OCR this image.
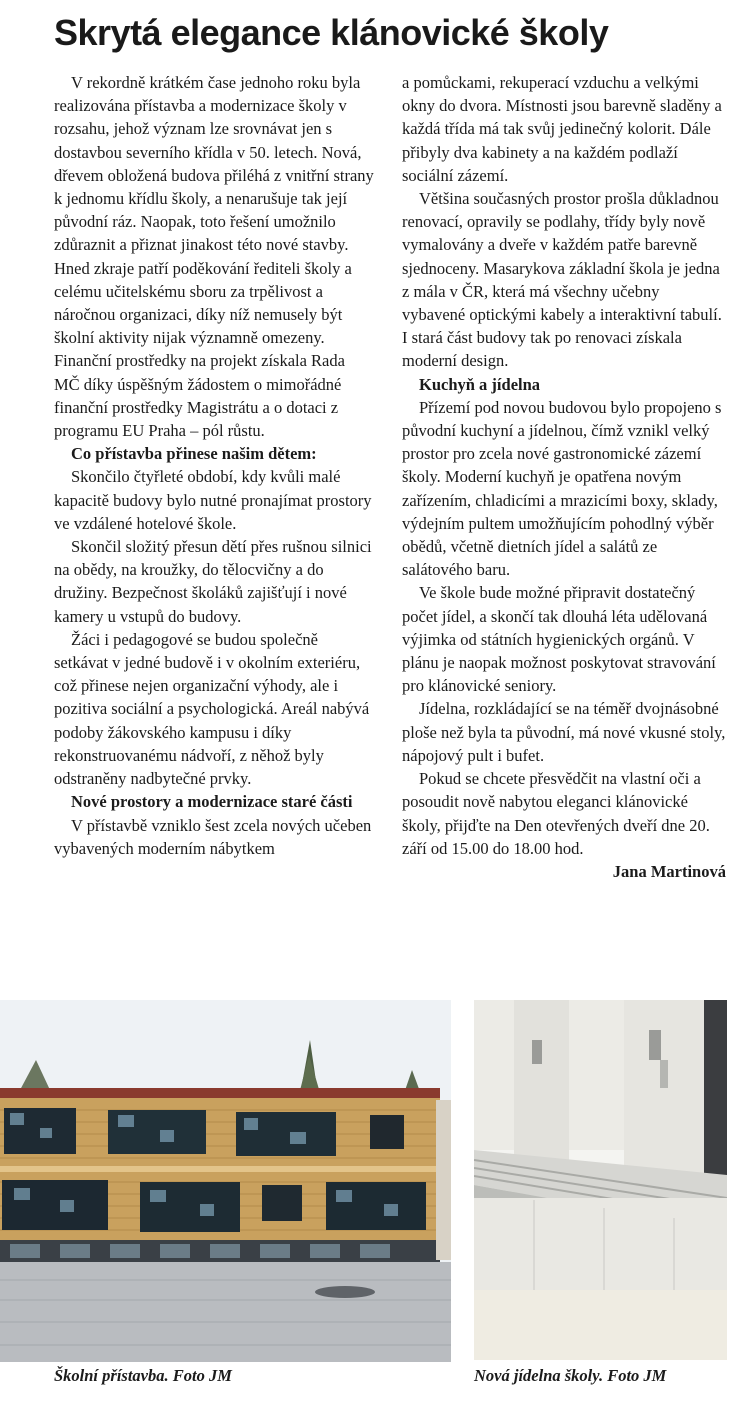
Skrytá elegance klánovické školy

V rekordně krátkém čase jednoho roku byla realizována přístavba a modernizace školy v rozsahu, jehož význam lze srovnávat jen s dostavbou severního křídla v 50. letech. Nová, dřevem obložená budova přiléhá z vnitřní strany k jednomu křídlu školy, a nenarušuje tak její původní ráz. Naopak, toto řešení umožnilo zdůraznit a přiznat jinakost této nové stavby. Hned zkraje patří poděkování řediteli školy a celému učitelskému sboru za trpělivost a náročnou organizaci, díky níž nemusely být školní aktivity nijak významně omezeny. Finanční prostředky na projekt získala Rada MČ díky úspěšným žádostem o mimořádné finanční prostředky Magistrátu a o dotaci z programu EU Praha – pól růstu.

Co přístavba přinese našim dětem:

Skončilo čtyřleté období, kdy kvůli malé kapacitě budovy bylo nutné pronajímat prostory ve vzdálené hotelové škole.

Skončil složitý přesun dětí přes rušnou silnici na obědy, na kroužky, do tělocvičny a do družiny. Bezpečnost školáků zajišťují i nové kamery u vstupů do budovy.

Žáci i pedagogové se budou společně setkávat v jedné budově i v okolním exteriéru, což přinese nejen organizační výhody, ale i pozitiva sociální a psychologická. Areál nabývá podoby žákovského kampusu i díky rekonstruovanému nádvoří, z něhož byly odstraněny nadbytečné prvky.

Nové prostory a modernizace staré části

V přístavbě vzniklo šest zcela nových učeben vybavených moderním nábytkem

a pomůckami, rekuperací vzduchu a velkými okny do dvora. Místnosti jsou barevně sladěny a každá třída má tak svůj jedinečný kolorit. Dále přibyly dva kabinety a na každém podlaží sociální zázemí.

Většina současných prostor prošla důkladnou renovací, opravily se podlahy, třídy byly nově vymalovány a dveře v každém patře barevně sjednoceny. Masarykova základní škola je jedna z mála v ČR, která má všechny učebny vybavené optickými kabely a interaktivní tabulí. I stará část budovy tak po renovaci získala moderní design.

Kuchyň a jídelna

Přízemí pod novou budovou bylo propojeno s původní kuchyní a jídelnou, čímž vznikl velký prostor pro zcela nové gastronomické zázemí školy. Moderní kuchyň je opatřena novým zařízením, chladicími a mrazicími boxy, sklady, výdejním pultem umožňujícím pohodlný výběr obědů, včetně dietních jídel a salátů ze salátového baru.

Ve škole bude možné připravit dostatečný počet jídel, a skončí tak dlouhá léta udělovaná výjimka od státních hygienických orgánů. V plánu je naopak možnost poskytovat stravování pro klánovické seniory.

Jídelna, rozkládající se na téměř dvojnásobné ploše než byla ta původní, má nové vkusné stoly, nápojový pult i bufet.

Pokud se chcete přesvědčit na vlastní oči a posoudit nově nabytou eleganci klánovické školy, přijďte na Den otevřených dveří dne 20. září od 15.00 do 18.00 hod.

Jana Martinová

Školní přístavba. Foto JM	Nová jídelna školy. Foto JM
